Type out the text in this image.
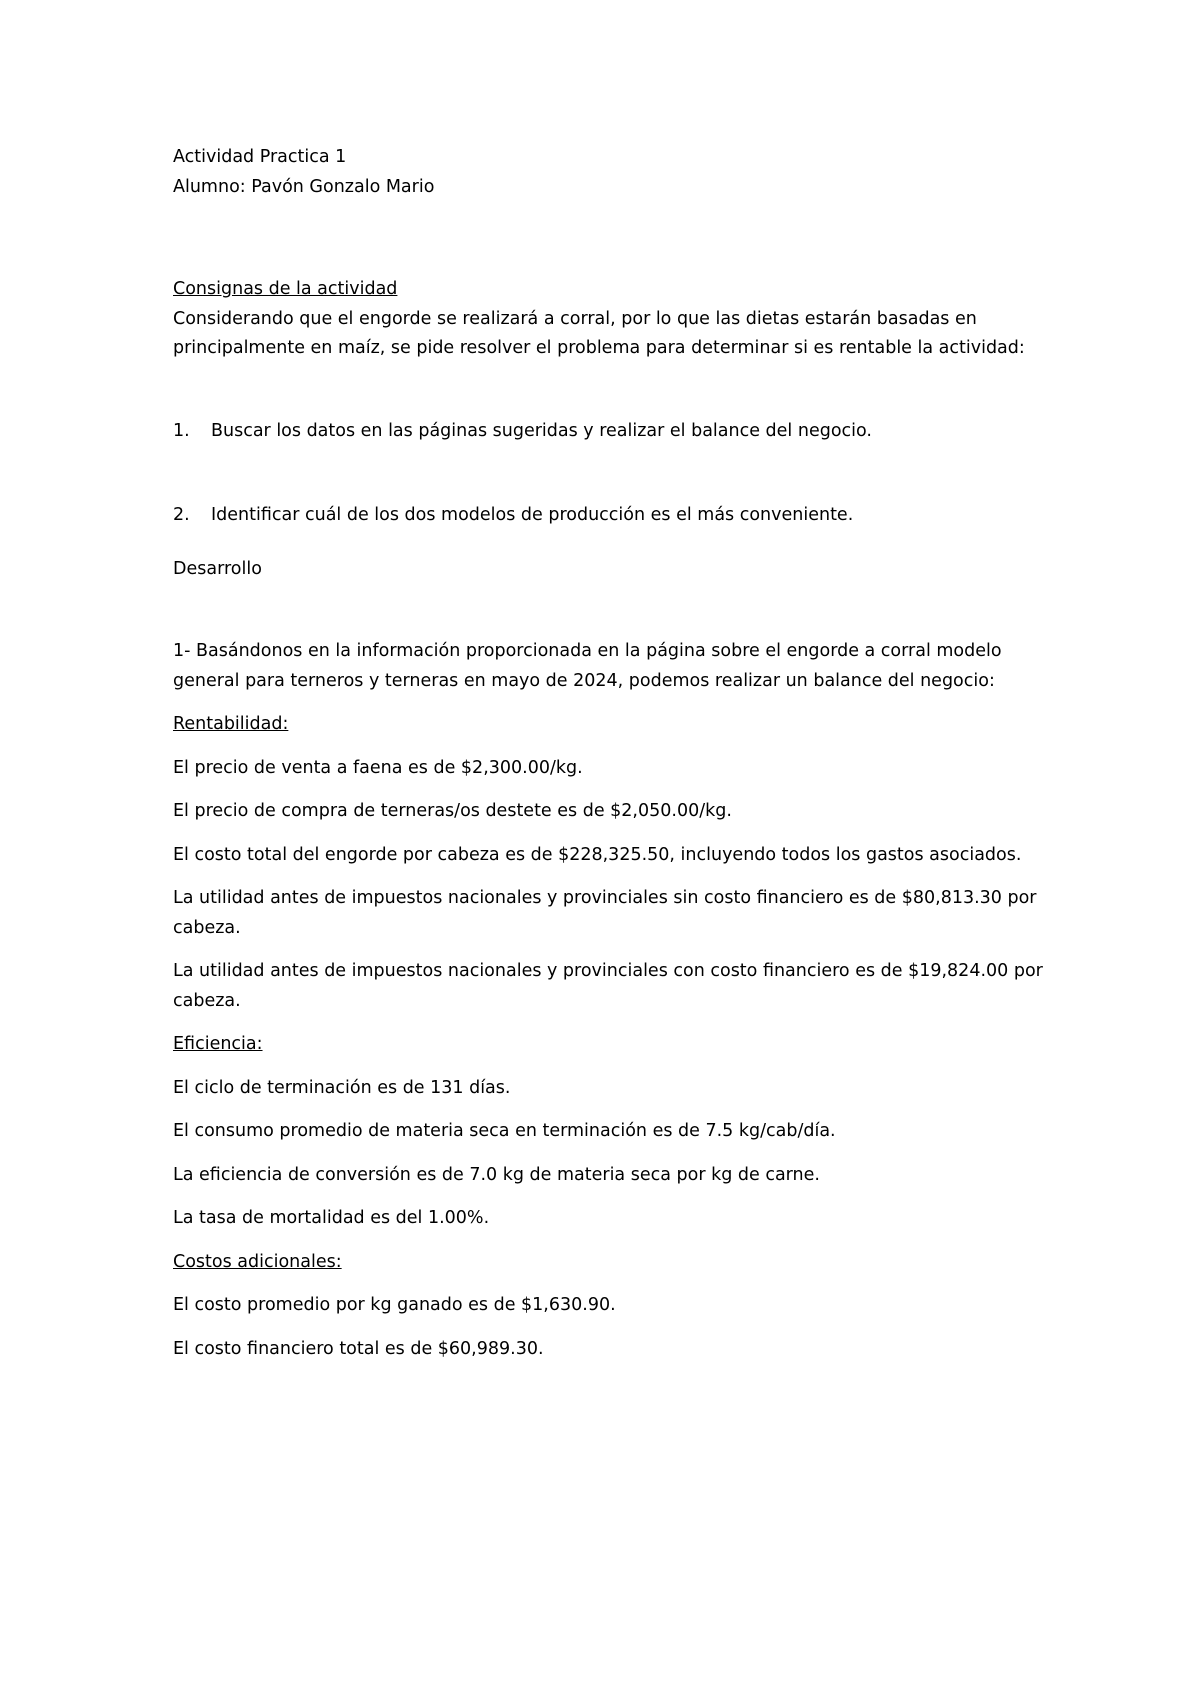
Actividad Practica 1

Alumno: Pavón Gonzalo Mario

Consignas de la actividad

Considerando que el engorde se realizará a corral, por lo que las dietas estarán basadas en principalmente en maíz, se pide resolver el problema para determinar si es rentable la actividad:

1.	Buscar los datos en las páginas sugeridas y realizar el balance del negocio.
2.	Identificar cuál de los dos modelos de producción es el más conveniente.

Desarrollo

1- Basándonos en la información proporcionada en la página sobre el engorde a corral modelo general para terneros y terneras en mayo de 2024, podemos realizar un balance del negocio:

Rentabilidad:

El precio de venta a faena es de $2,300.00/kg.

El precio de compra de terneras/os destete es de $2,050.00/kg.

El costo total del engorde por cabeza es de $228,325.50, incluyendo todos los gastos asociados.

La utilidad antes de impuestos nacionales y provinciales sin costo financiero es de $80,813.30 por cabeza.

La utilidad antes de impuestos nacionales y provinciales con costo financiero es de $19,824.00 por cabeza.

Eficiencia:

El ciclo de terminación es de 131 días.

El consumo promedio de materia seca en terminación es de 7.5 kg/cab/día.

La eficiencia de conversión es de 7.0 kg de materia seca por kg de carne.

La tasa de mortalidad es del 1.00%.

Costos adicionales:

El costo promedio por kg ganado es de $1,630.90.

El costo financiero total es de $60,989.30.
